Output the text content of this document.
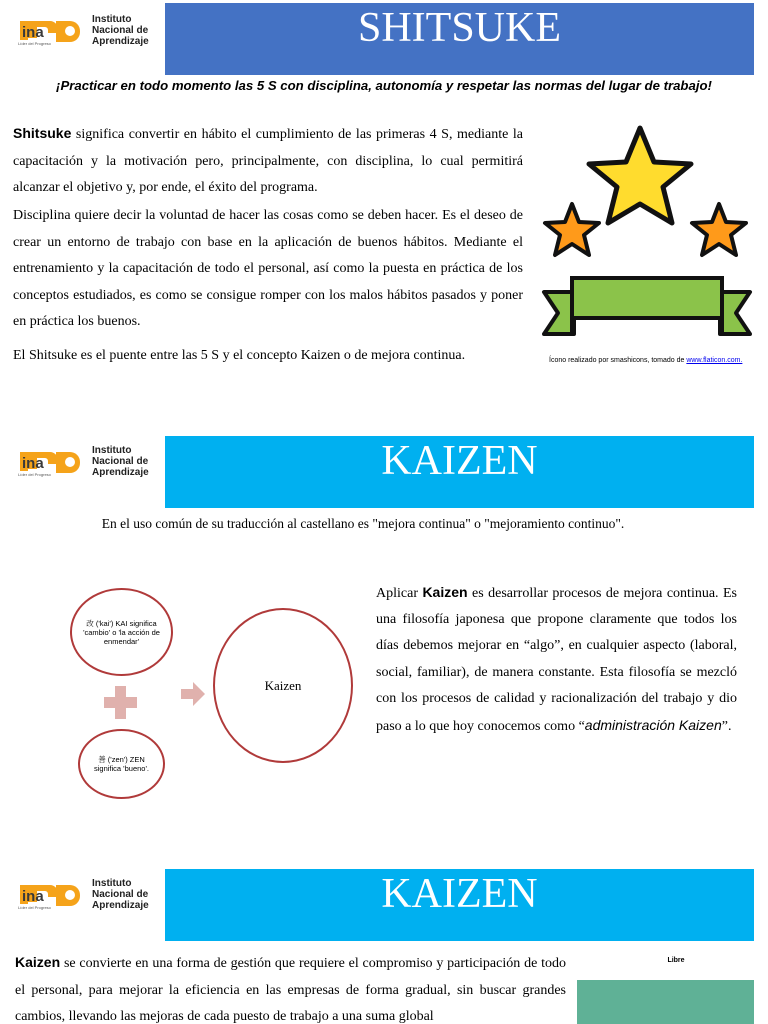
ina
Líder del Progreso
Instituto
Nacional de
Aprendizaje	SHITSUKE
¡Practicar en todo momento las 5 S con disciplina, autonomía y respetar las normas del lugar de trabajo!
Shitsuke significa convertir en hábito el cumplimiento de las primeras 4 S, mediante la capacitación y la motivación pero, principalmente, con disciplina, lo cual permitirá alcanzar el objetivo y, por ende, el éxito del programa.
Disciplina quiere decir la voluntad de hacer las cosas como se deben hacer. Es el deseo de crear un entorno de trabajo con base en la aplicación de buenos hábitos. Mediante el entrenamiento y la capacitación de todo el personal, así como la puesta en práctica de los conceptos estudiados, es como se consigue romper con los malos hábitos pasados y poner en práctica los buenos.
El Shitsuke es el puente entre las 5 S y el concepto Kaizen o de mejora continua.	Ícono realizado por smashicons, tomado de www.flaticon.com.
ina
Líder del Progreso
Instituto
Nacional de
Aprendizaje	KAIZEN
En el uso común de su traducción al castellano es "mejora continua" o "mejoramiento continuo".
改 ('kai') KAI significa 'cambio' o 'la acción de enmendar'
善 ('zen') ZEN significa 'bueno'.
Kaizen
Aplicar Kaizen es desarrollar procesos de mejora continua. Es una filosofía japonesa que propone claramente que todos los días debemos mejorar en “algo”, en cualquier aspecto (laboral, social, familiar), de manera constante. Esta filosofía se mezcló con los procesos de calidad y racionalización del trabajo y dio paso a lo que hoy conocemos como “administración Kaizen”.
ina
Líder del Progreso
Instituto
Nacional de
Aprendizaje	KAIZEN
Kaizen se convierte en una forma de gestión que requiere el compromiso y participación de todo el personal, para mejorar la eficiencia en las empresas de forma gradual, sin buscar grandes cambios, llevando las mejoras de cada puesto de trabajo a una suma global
Libre
